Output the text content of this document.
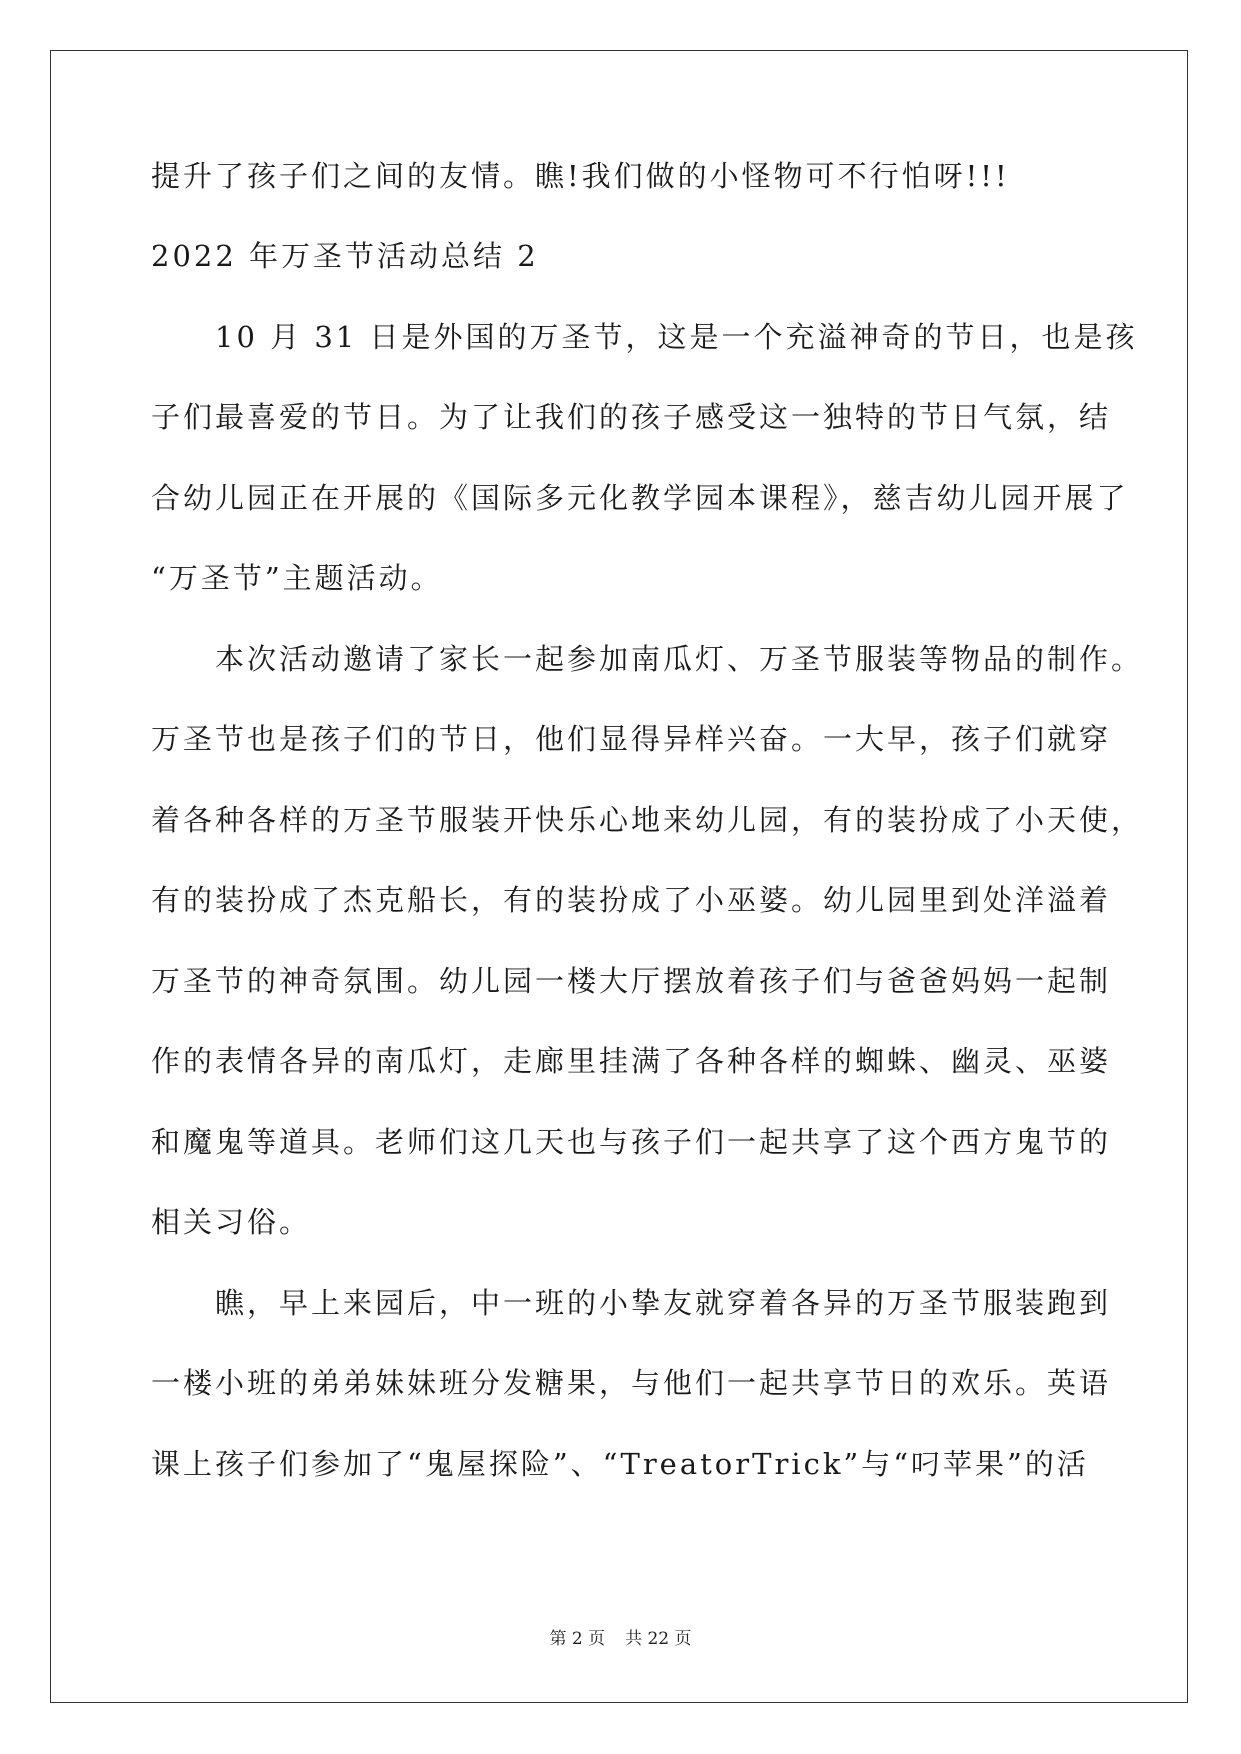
提升了孩子们之间的友情。瞧!我们做的小怪物可不行怕呀!!!
2022 年万圣节活动总结 2
　　10 月 31 日是外国的万圣节，这是一个充溢神奇的节日，也是孩
子们最喜爱的节日。为了让我们的孩子感受这一独特的节日气氛，结
合幼儿园正在开展的《国际多元化教学园本课程》，慈吉幼儿园开展了
“万圣节”主题活动。
　　本次活动邀请了家长一起参加南瓜灯、万圣节服装等物品的制作。
万圣节也是孩子们的节日，他们显得异样兴奋。一大早，孩子们就穿
着各种各样的万圣节服装开快乐心地来幼儿园，有的装扮成了小天使，
有的装扮成了杰克船长，有的装扮成了小巫婆。幼儿园里到处洋溢着
万圣节的神奇氛围。幼儿园一楼大厅摆放着孩子们与爸爸妈妈一起制
作的表情各异的南瓜灯，走廊里挂满了各种各样的蜘蛛、幽灵、巫婆
和魔鬼等道具。老师们这几天也与孩子们一起共享了这个西方鬼节的
相关习俗。
　　瞧，早上来园后，中一班的小挚友就穿着各异的万圣节服装跑到
一楼小班的弟弟妹妹班分发糖果，与他们一起共享节日的欢乐。英语
课上孩子们参加了“鬼屋探险”、“TreatorTrick”与“叼苹果”的活
第 2 页 共 22 页
